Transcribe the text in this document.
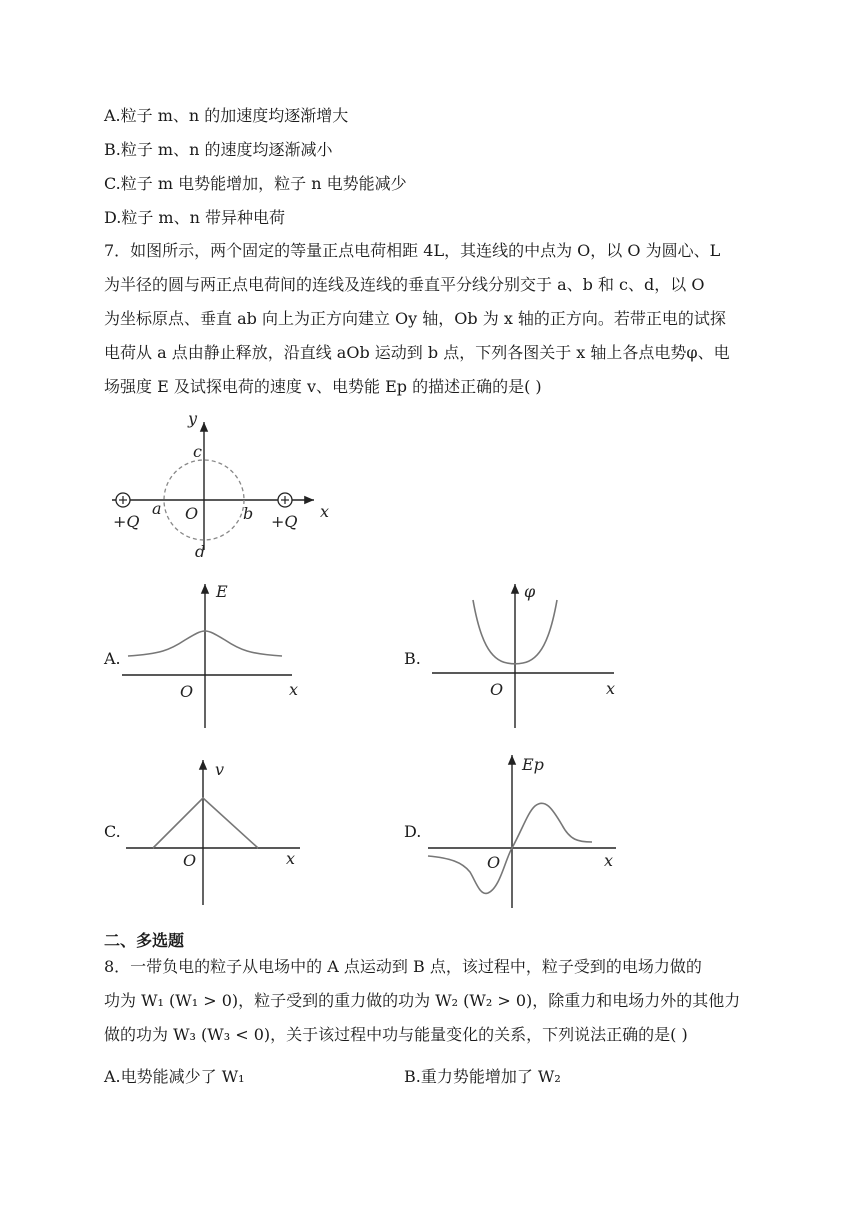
A.粒子 m、n 的加速度均逐渐增大
B.粒子 m、n 的速度均逐渐减小
C.粒子 m 电势能增加，粒子 n 电势能减少
D.粒子 m、n 带异种电荷
7．如图所示，两个固定的等量正点电荷相距 4L，其连线的中点为 O，以 O 为圆心、L
为半径的圆与两正点电荷间的连线及连线的垂直平分线分别交于 a、b 和 c、d，以 O
为坐标原点、垂直 ab 向上为正方向建立 Oy 轴，Ob 为 x 轴的正方向。若带正电的试探
电荷从 a 点由静止释放，沿直线 aOb 运动到 b 点，下列各图关于 x 轴上各点电势φ、电
场强度 E 及试探电荷的速度 v、电势能 Ep 的描述正确的是( )
y
c
a O	b	x
+Q	+Q
d
E
O	x
φ
O	x
v
O	x
Ep
O	x
A.	B.
C.	D.
二、多选题
8．一带负电的粒子从电场中的 A 点运动到 B 点，该过程中，粒子受到的电场力做的
功为 W₁ (W₁ > 0)，粒子受到的重力做的功为 W₂ (W₂ > 0)，除重力和电场力外的其他力
做的功为 W₃ (W₃ < 0)，关于该过程中功与能量变化的关系，下列说法正确的是( )
A.电势能减少了 W₁	B.重力势能增加了 W₂
